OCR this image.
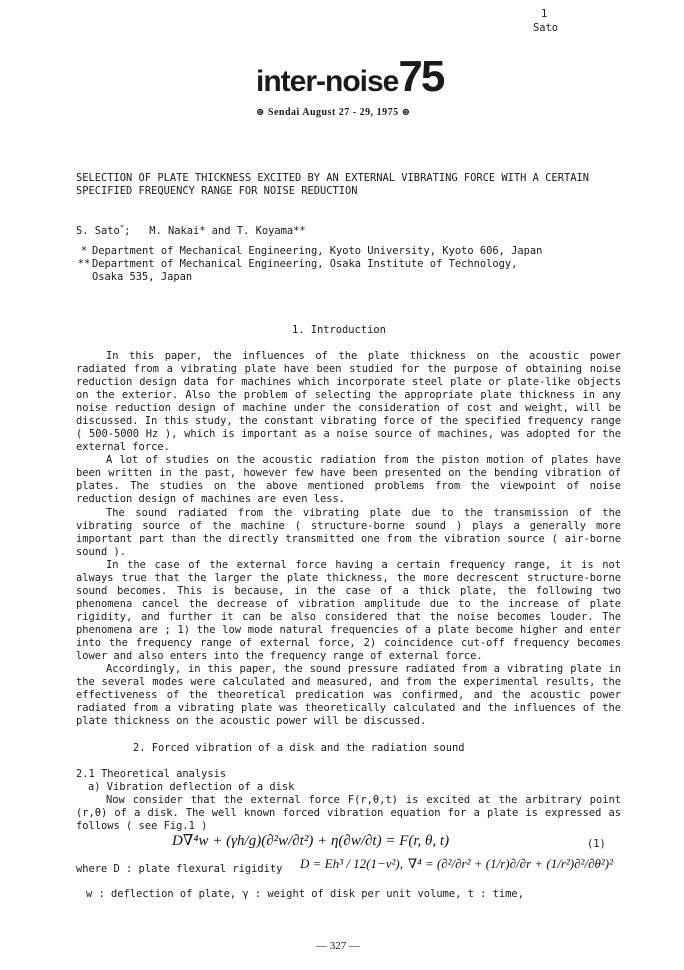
1
Sato
inter-noise75
⊛ Sendai August 27 - 29, 1975 ⊛
SELECTION OF PLATE THICKNESS EXCITED BY AN EXTERNAL VIBRATING FORCE WITH A CERTAIN
SPECIFIED FREQUENCY RANGE FOR NOISE REDUCTION
S. Sato*;   M. Nakai* and T. Koyama**
* Department of Mechanical Engineering, Kyoto University, Kyoto 606, Japan
** Department of Mechanical Engineering, Osaka Institute of Technology,
Osaka 535, Japan
1. Introduction
In this paper, the influences of the plate thickness on the acoustic power radiated from a vibrating plate have been studied for the purpose of obtaining noise reduction design data for machines which incorporate steel plate or plate-like objects on the exterior. Also the problem of selecting the appropriate plate thickness in any noise reduction design of machine under the consideration of cost and weight, will be discussed. In this study, the constant vibrating force of the specified frequency range ( 500-5000 Hz ), which is important as a noise source of machines, was adopted for the external force.
A lot of studies on the acoustic radiation from the piston motion of plates have been written in the past, however few have been presented on the bending vibration of plates. The studies on the above mentioned problems from the viewpoint of noise reduction design of machines are even less.
The sound radiated from the vibrating plate due to the transmission of the vibrating source of the machine ( structure-borne sound ) plays a generally more important part than the directly transmitted one from the vibration source ( air-borne sound ).
In the case of the external force having a certain frequency range, it is not always true that the larger the plate thickness, the more decrescent structure-borne sound becomes. This is because, in the case of a thick plate, the following two phenomena cancel the decrease of vibration amplitude due to the increase of plate rigidity, and further it can be also considered that the noise becomes louder. The phenomena are ; 1) the low mode natural frequencies of a plate become higher and enter into the frequency range of external force, 2) coincidence cut-off frequency becomes lower and also enters into the frequency range of external force.
Accordingly, in this paper, the sound pressure radiated from a vibrating plate in the several modes were calculated and measured, and from the experimental results, the effectiveness of the theoretical predication was confirmed, and the acoustic power radiated from a vibrating plate was theoretically calculated and the influences of the plate thickness on the acoustic power will be discussed.
2. Forced vibration of a disk and the radiation sound
2.1 Theoretical analysis
a) Vibration deflection of a disk
Now consider that the external force F(r,θ,t) is excited at the arbitrary point (r,θ) of a disk. The well known forced vibration equation for a plate is expressed as follows ( see Fig.1 )
D∇⁴w + (γh/g)(∂²w/∂t²) + η(∂w/∂t) = F(r, θ, t)	(1)
where D : plate flexural rigidity D = Eh³ / 12(1−ν²), ∇⁴ = (∂²/∂r² + (1/r)∂/∂r + (1/r²)∂²/∂θ²)²
w : deflection of plate, γ : weight of disk per unit volume, t : time,
— 327 —
